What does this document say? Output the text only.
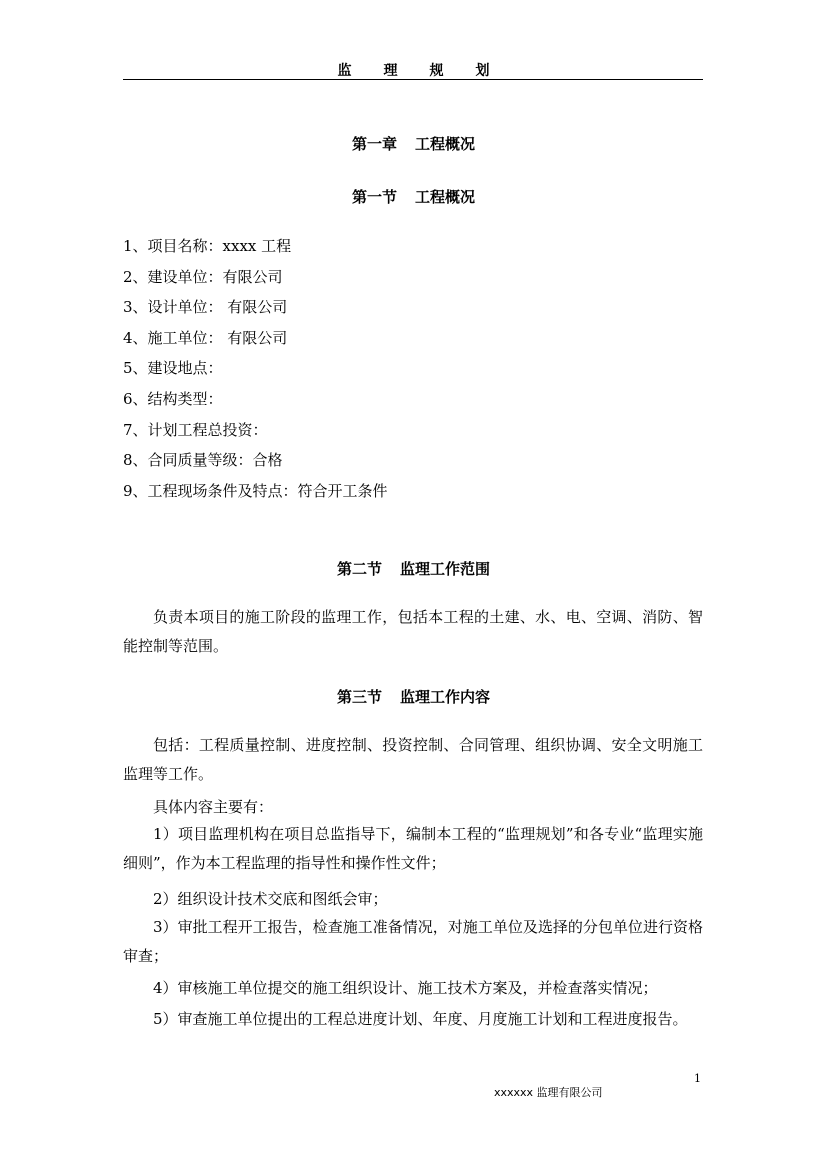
监理规划
第一章 工程概况
第一节 工程概况
1、项目名称：xxxx 工程
2、建设单位：有限公司
3、设计单位： 有限公司
4、施工单位： 有限公司
5、建设地点：
6、结构类型：
7、计划工程总投资：
8、合同质量等级：合格
9、工程现场条件及特点：符合开工条件
第二节 监理工作范围
负责本项目的施工阶段的监理工作，包括本工程的土建、水、电、空调、消防、智能控制等范围。
第三节 监理工作内容
包括：工程质量控制、进度控制、投资控制、合同管理、组织协调、安全文明施工监理等工作。
具体内容主要有：
1）项目监理机构在项目总监指导下，编制本工程的“监理规划”和各专业“监理实施细则”，作为本工程监理的指导性和操作性文件；
2）组织设计技术交底和图纸会审；
3）审批工程开工报告，检查施工准备情况，对施工单位及选择的分包单位进行资格审查；
4）审核施工单位提交的施工组织设计、施工技术方案及，并检查落实情况；
5）审查施工单位提出的工程总进度计划、年度、月度施工计划和工程进度报告。
1
xxxxxx 监理有限公司
